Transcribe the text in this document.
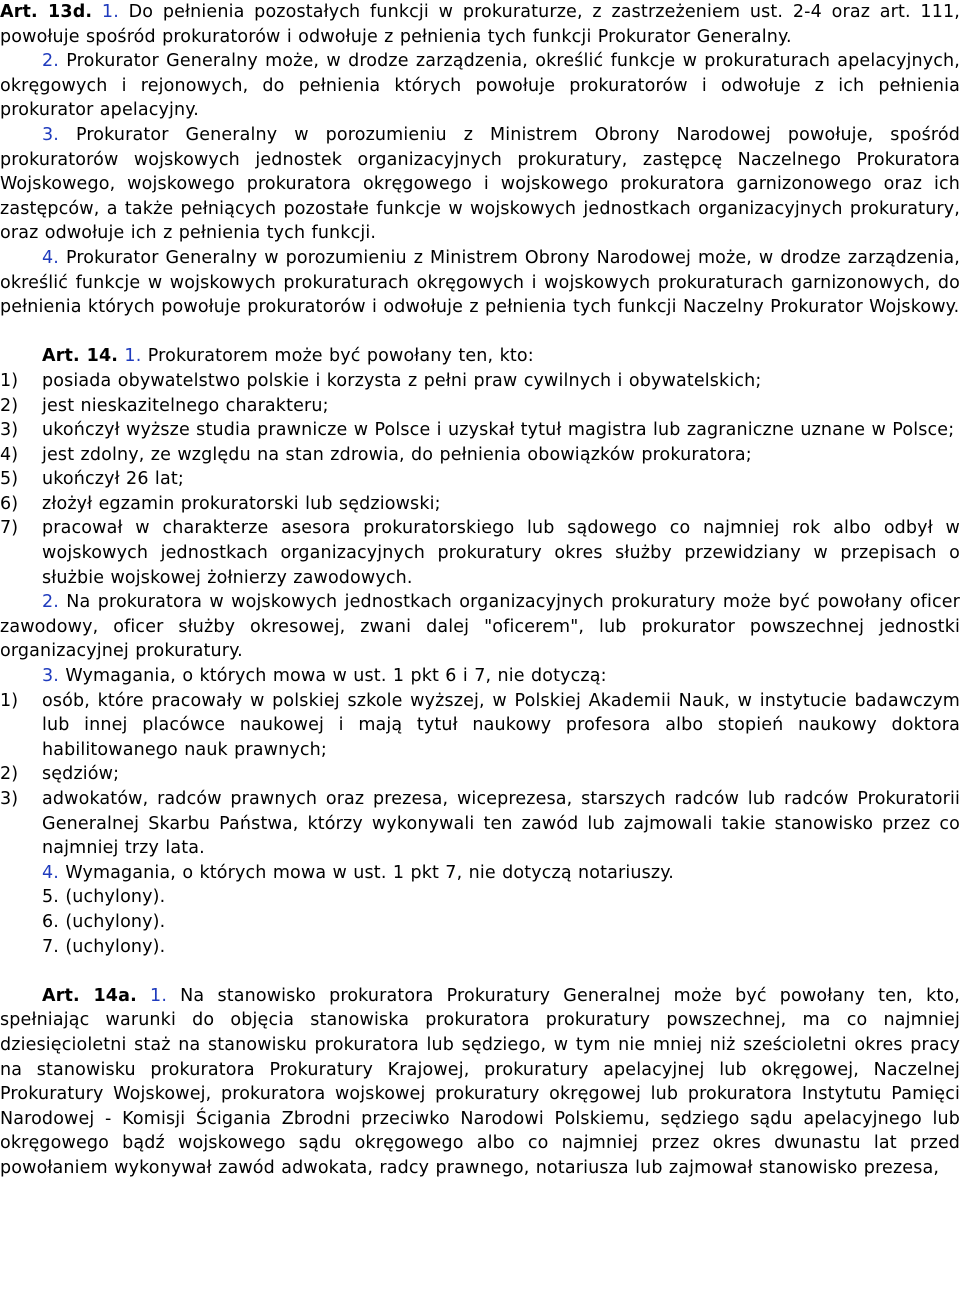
Art. 13d. 1. Do pełnienia pozostałych funkcji w prokuraturze, z zastrzeżeniem ust. 2-4 oraz art. 111, powołuje spośród prokuratorów i odwołuje z pełnienia tych funkcji Prokurator Generalny.

2. Prokurator Generalny może, w drodze zarządzenia, określić funkcje w prokuraturach apelacyjnych, okręgowych i rejonowych, do pełnienia których powołuje prokuratorów i odwołuje z ich pełnienia prokurator apelacyjny.

3. Prokurator Generalny w porozumieniu z Ministrem Obrony Narodowej powołuje, spośród prokuratorów wojskowych jednostek organizacyjnych prokuratury, zastępcę Naczelnego Prokuratora Wojskowego, wojskowego prokuratora okręgowego i wojskowego prokuratora garnizonowego oraz ich zastępców, a także pełniących pozostałe funkcje w wojskowych jednostkach organizacyjnych prokuratury, oraz odwołuje ich z pełnienia tych funkcji.

4. Prokurator Generalny w porozumieniu z Ministrem Obrony Narodowej może, w drodze zarządzenia, określić funkcje w wojskowych prokuraturach okręgowych i wojskowych prokuraturach garnizonowych, do pełnienia których powołuje prokuratorów i odwołuje z pełnienia tych funkcji Naczelny Prokurator Wojskowy.

Art. 14. 1. Prokuratorem może być powołany ten, kto:

1)	posiada obywatelstwo polskie i korzysta z pełni praw cywilnych i obywatelskich;
2)	jest nieskazitelnego charakteru;
3)	ukończył wyższe studia prawnicze w Polsce i uzyskał tytuł magistra lub zagraniczne uznane w Polsce;
4)	jest zdolny, ze względu na stan zdrowia, do pełnienia obowiązków prokuratora;
5)	ukończył 26 lat;
6)	złożył egzamin prokuratorski lub sędziowski;
7)	pracował w charakterze asesora prokuratorskiego lub sądowego co najmniej rok albo odbył w wojskowych jednostkach organizacyjnych prokuratury okres służby przewidziany w przepisach o służbie wojskowej żołnierzy zawodowych.

2. Na prokuratora w wojskowych jednostkach organizacyjnych prokuratury może być powołany oficer zawodowy, oficer służby okresowej, zwani dalej "oficerem", lub prokurator powszechnej jednostki organizacyjnej prokuratury.

3. Wymagania, o których mowa w ust. 1 pkt 6 i 7, nie dotyczą:

1)	osób, które pracowały w polskiej szkole wyższej, w Polskiej Akademii Nauk, w instytucie badawczym lub innej placówce naukowej i mają tytuł naukowy profesora albo stopień naukowy doktora habilitowanego nauk prawnych;
2)	sędziów;
3)	adwokatów, radców prawnych oraz prezesa, wiceprezesa, starszych radców lub radców Prokuratorii Generalnej Skarbu Państwa, którzy wykonywali ten zawód lub zajmowali takie stanowisko przez co najmniej trzy lata.

4. Wymagania, o których mowa w ust. 1 pkt 7, nie dotyczą notariuszy.

5. (uchylony).

6. (uchylony).

7. (uchylony).

Art. 14a. 1. Na stanowisko prokuratora Prokuratury Generalnej może być powołany ten, kto, spełniając warunki do objęcia stanowiska prokuratora prokuratury powszechnej, ma co najmniej dziesięcioletni staż na stanowisku prokuratora lub sędziego, w tym nie mniej niż sześcioletni okres pracy na stanowisku prokuratora Prokuratury Krajowej, prokuratury apelacyjnej lub okręgowej, Naczelnej Prokuratury Wojskowej, prokuratora wojskowej prokuratury okręgowej lub prokuratora Instytutu Pamięci Narodowej - Komisji Ścigania Zbrodni przeciwko Narodowi Polskiemu, sędziego sądu apelacyjnego lub okręgowego bądź wojskowego sądu okręgowego albo co najmniej przez okres dwunastu lat przed powołaniem wykonywał zawód adwokata, radcy prawnego, notariusza lub zajmował stanowisko prezesa,
